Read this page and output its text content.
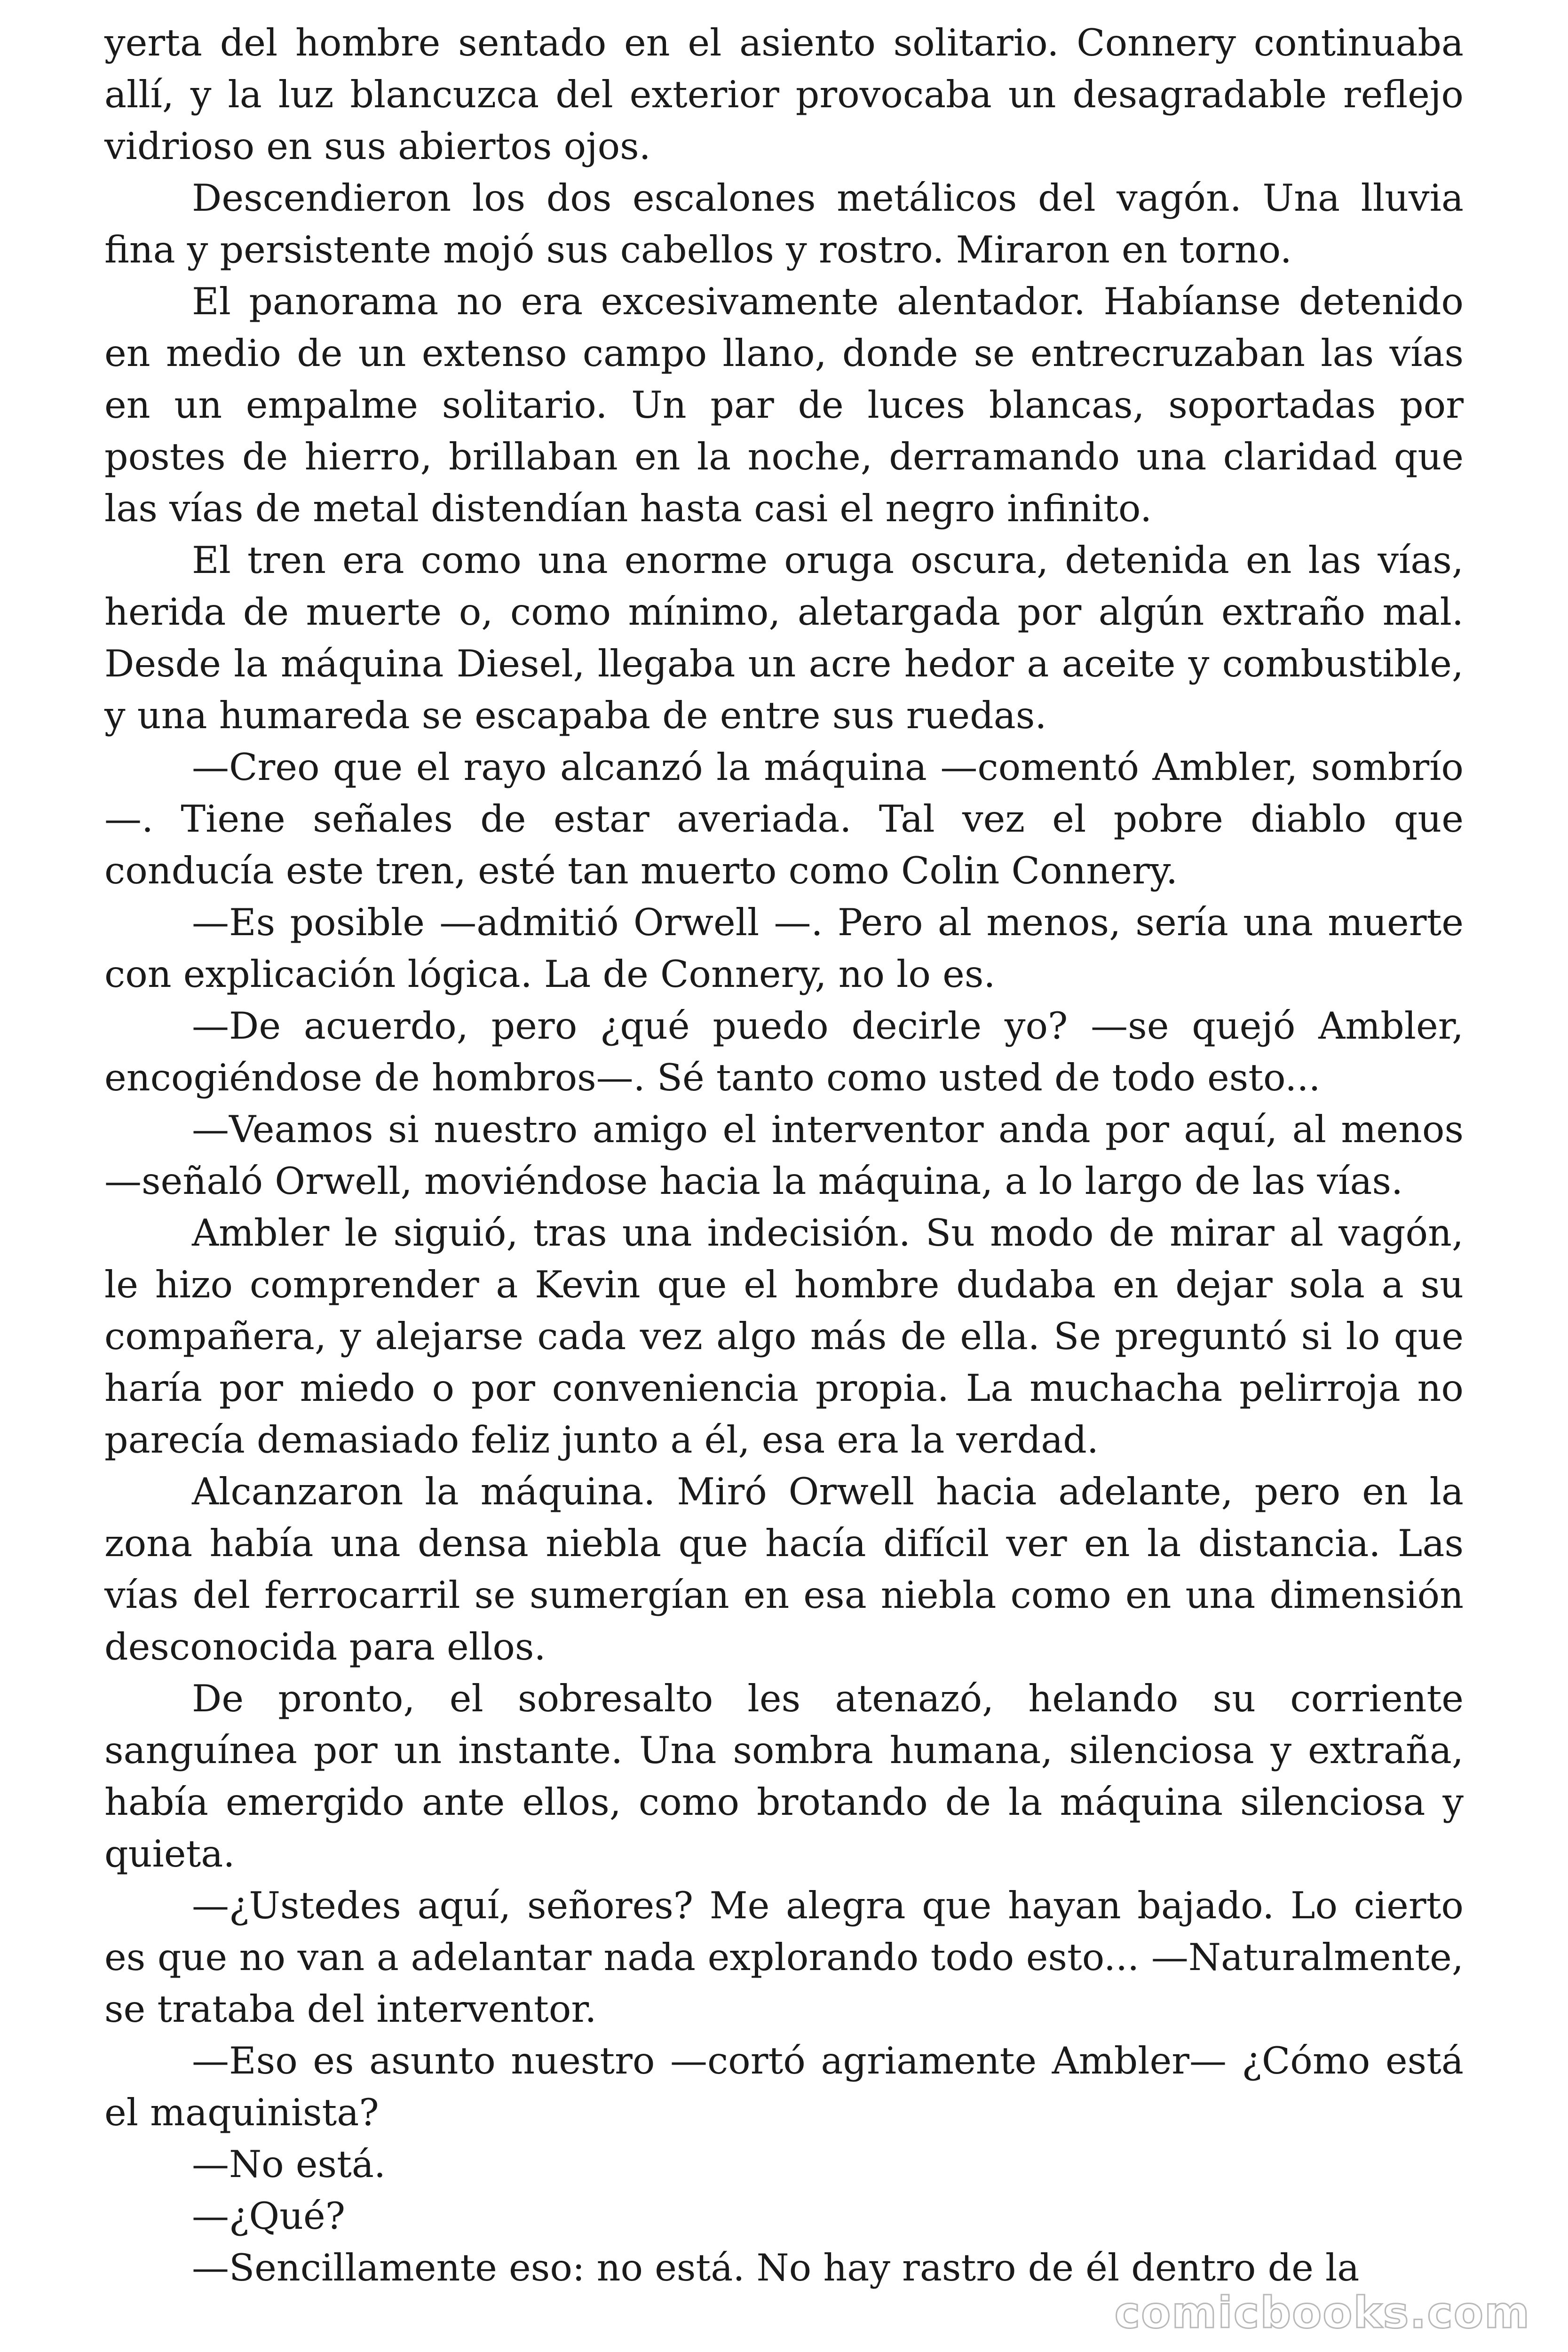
yerta del hombre sentado en el asiento solitario. Connery continuaba allí, y la luz blancuzca del exterior provocaba un desagradable reflejo vidrioso en sus abiertos ojos.

Descendieron los dos escalones metálicos del vagón. Una lluvia fina y persistente mojó sus cabellos y rostro. Miraron en torno.

El panorama no era excesivamente alentador. Habíanse detenido en medio de un extenso campo llano, donde se entrecruzaban las vías en un empalme solitario. Un par de luces blancas, soportadas por postes de hierro, brillaban en la noche, derramando una claridad que las vías de metal distendían hasta casi el negro infinito.

El tren era como una enorme oruga oscura, detenida en las vías, herida de muerte o, como mínimo, aletargada por algún extraño mal. Desde la máquina Diesel, llegaba un acre hedor a aceite y combustible, y una humareda se escapaba de entre sus ruedas.

—Creo que el rayo alcanzó la máquina —comentó Ambler, sombrío—. Tiene señales de estar averiada. Tal vez el pobre diablo que conducía este tren, esté tan muerto como Colin Connery.

—Es posible —admitió Orwell —. Pero al menos, sería una muerte con explicación lógica. La de Connery, no lo es.

—De acuerdo, pero ¿qué puedo decirle yo? —se quejó Ambler, encogiéndose de hombros—. Sé tanto como usted de todo esto...

—Veamos si nuestro amigo el interventor anda por aquí, al menos —señaló Orwell, moviéndose hacia la máquina, a lo largo de las vías.

Ambler le siguió, tras una indecisión. Su modo de mirar al vagón, le hizo comprender a Kevin que el hombre dudaba en dejar sola a su compañera, y alejarse cada vez algo más de ella. Se preguntó si lo que haría por miedo o por conveniencia propia. La muchacha pelirroja no parecía demasiado feliz junto a él, esa era la verdad.

Alcanzaron la máquina. Miró Orwell hacia adelante, pero en la zona había una densa niebla que hacía difícil ver en la distancia. Las vías del ferrocarril se sumergían en esa niebla como en una dimensión desconocida para ellos.

De pronto, el sobresalto les atenazó, helando su corriente sanguínea por un instante. Una sombra humana, silenciosa y extraña, había emergido ante ellos, como brotando de la máquina silenciosa y quieta.

—¿Ustedes aquí, señores? Me alegra que hayan bajado. Lo cierto es que no van a adelantar nada explorando todo esto... —Naturalmente, se trataba del interventor.

—Eso es asunto nuestro —cortó agriamente Ambler— ¿Cómo está el maquinista?

—No está.

—¿Qué?

—Sencillamente eso: no está. No hay rastro de él dentro de la

comicbooks.com
